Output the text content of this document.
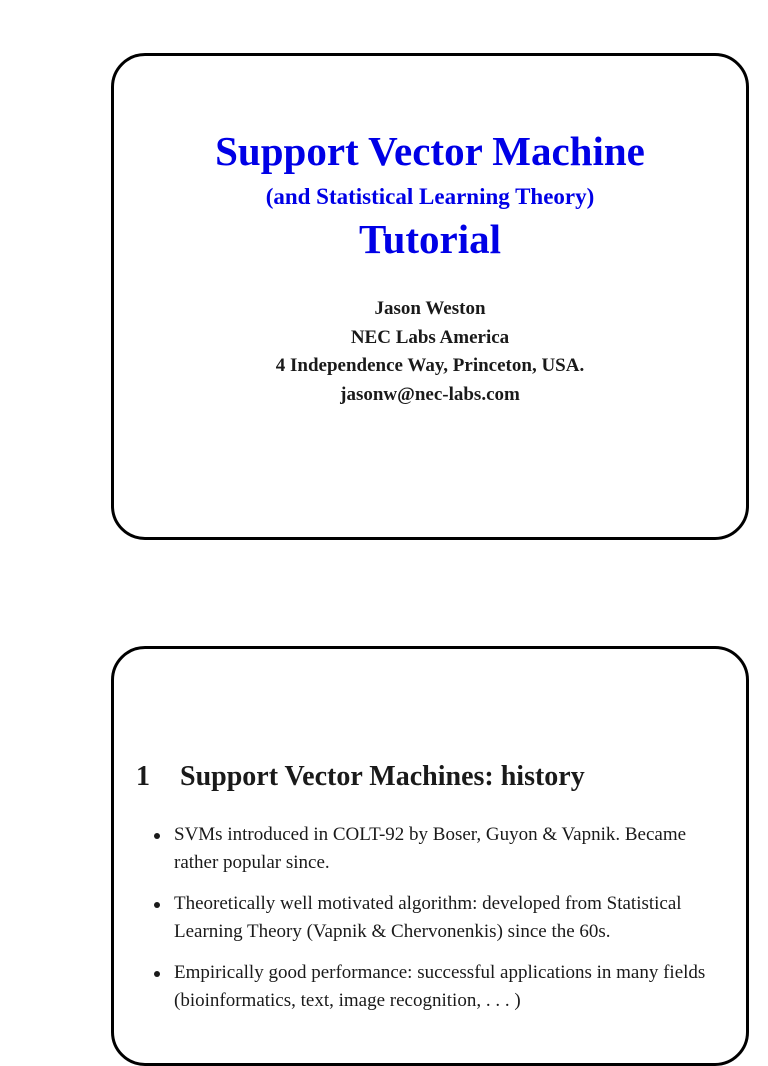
Support Vector Machine
(and Statistical Learning Theory)
Tutorial
Jason Weston
NEC Labs America
4 Independence Way, Princeton, USA.
jasonw@nec-labs.com
1 Support Vector Machines: history
SVMs introduced in COLT-92 by Boser, Guyon & Vapnik. Became rather popular since.
Theoretically well motivated algorithm: developed from Statistical Learning Theory (Vapnik & Chervonenkis) since the 60s.
Empirically good performance: successful applications in many fields (bioinformatics, text, image recognition, . . . )
